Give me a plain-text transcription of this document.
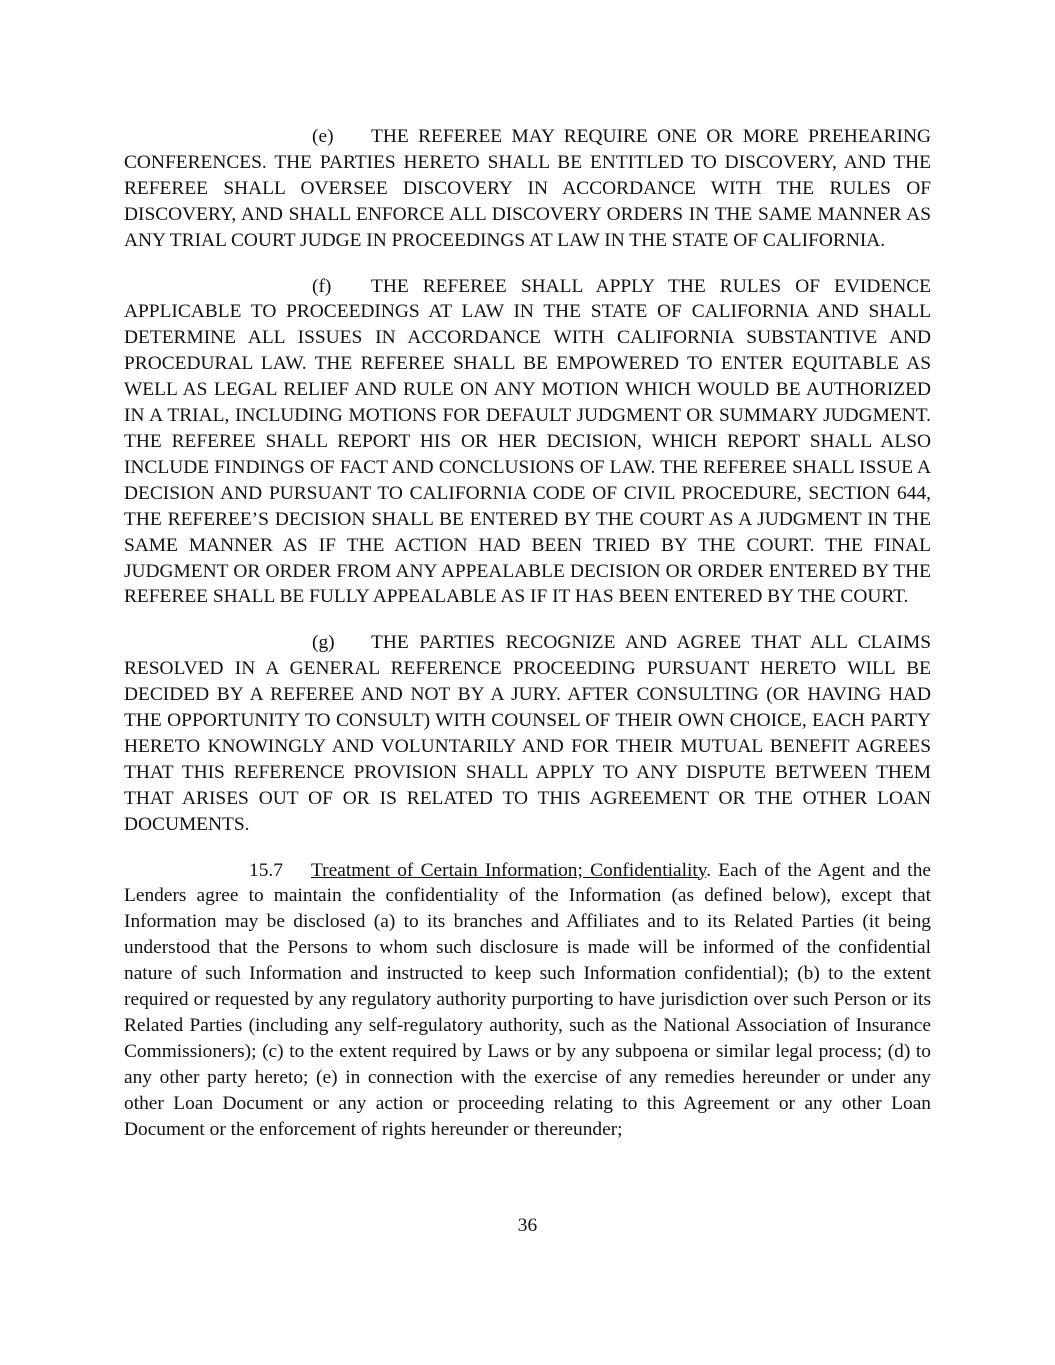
(e) THE REFEREE MAY REQUIRE ONE OR MORE PREHEARING CONFERENCES. THE PARTIES HERETO SHALL BE ENTITLED TO DISCOVERY, AND THE REFEREE SHALL OVERSEE DISCOVERY IN ACCORDANCE WITH THE RULES OF DISCOVERY, AND SHALL ENFORCE ALL DISCOVERY ORDERS IN THE SAME MANNER AS ANY TRIAL COURT JUDGE IN PROCEEDINGS AT LAW IN THE STATE OF CALIFORNIA.

(f) THE REFEREE SHALL APPLY THE RULES OF EVIDENCE APPLICABLE TO PROCEEDINGS AT LAW IN THE STATE OF CALIFORNIA AND SHALL DETERMINE ALL ISSUES IN ACCORDANCE WITH CALIFORNIA SUBSTANTIVE AND PROCEDURAL LAW. THE REFEREE SHALL BE EMPOWERED TO ENTER EQUITABLE AS WELL AS LEGAL RELIEF AND RULE ON ANY MOTION WHICH WOULD BE AUTHORIZED IN A TRIAL, INCLUDING MOTIONS FOR DEFAULT JUDGMENT OR SUMMARY JUDGMENT. THE REFEREE SHALL REPORT HIS OR HER DECISION, WHICH REPORT SHALL ALSO INCLUDE FINDINGS OF FACT AND CONCLUSIONS OF LAW. THE REFEREE SHALL ISSUE A DECISION AND PURSUANT TO CALIFORNIA CODE OF CIVIL PROCEDURE, SECTION 644, THE REFEREE’S DECISION SHALL BE ENTERED BY THE COURT AS A JUDGMENT IN THE SAME MANNER AS IF THE ACTION HAD BEEN TRIED BY THE COURT. THE FINAL JUDGMENT OR ORDER FROM ANY APPEALABLE DECISION OR ORDER ENTERED BY THE REFEREE SHALL BE FULLY APPEALABLE AS IF IT HAS BEEN ENTERED BY THE COURT.

(g) THE PARTIES RECOGNIZE AND AGREE THAT ALL CLAIMS RESOLVED IN A GENERAL REFERENCE PROCEEDING PURSUANT HERETO WILL BE DECIDED BY A REFEREE AND NOT BY A JURY. AFTER CONSULTING (OR HAVING HAD THE OPPORTUNITY TO CONSULT) WITH COUNSEL OF THEIR OWN CHOICE, EACH PARTY HERETO KNOWINGLY AND VOLUNTARILY AND FOR THEIR MUTUAL BENEFIT AGREES THAT THIS REFERENCE PROVISION SHALL APPLY TO ANY DISPUTE BETWEEN THEM THAT ARISES OUT OF OR IS RELATED TO THIS AGREEMENT OR THE OTHER LOAN DOCUMENTS.

15.7 Treatment of Certain Information; Confidentiality. Each of the Agent and the Lenders agree to maintain the confidentiality of the Information (as defined below), except that Information may be disclosed (a) to its branches and Affiliates and to its Related Parties (it being understood that the Persons to whom such disclosure is made will be informed of the confidential nature of such Information and instructed to keep such Information confidential); (b) to the extent required or requested by any regulatory authority purporting to have jurisdiction over such Person or its Related Parties (including any self-regulatory authority, such as the National Association of Insurance Commissioners); (c) to the extent required by Laws or by any subpoena or similar legal process; (d) to any other party hereto; (e) in connection with the exercise of any remedies hereunder or under any other Loan Document or any action or proceeding relating to this Agreement or any other Loan Document or the enforcement of rights hereunder or thereunder;

36
